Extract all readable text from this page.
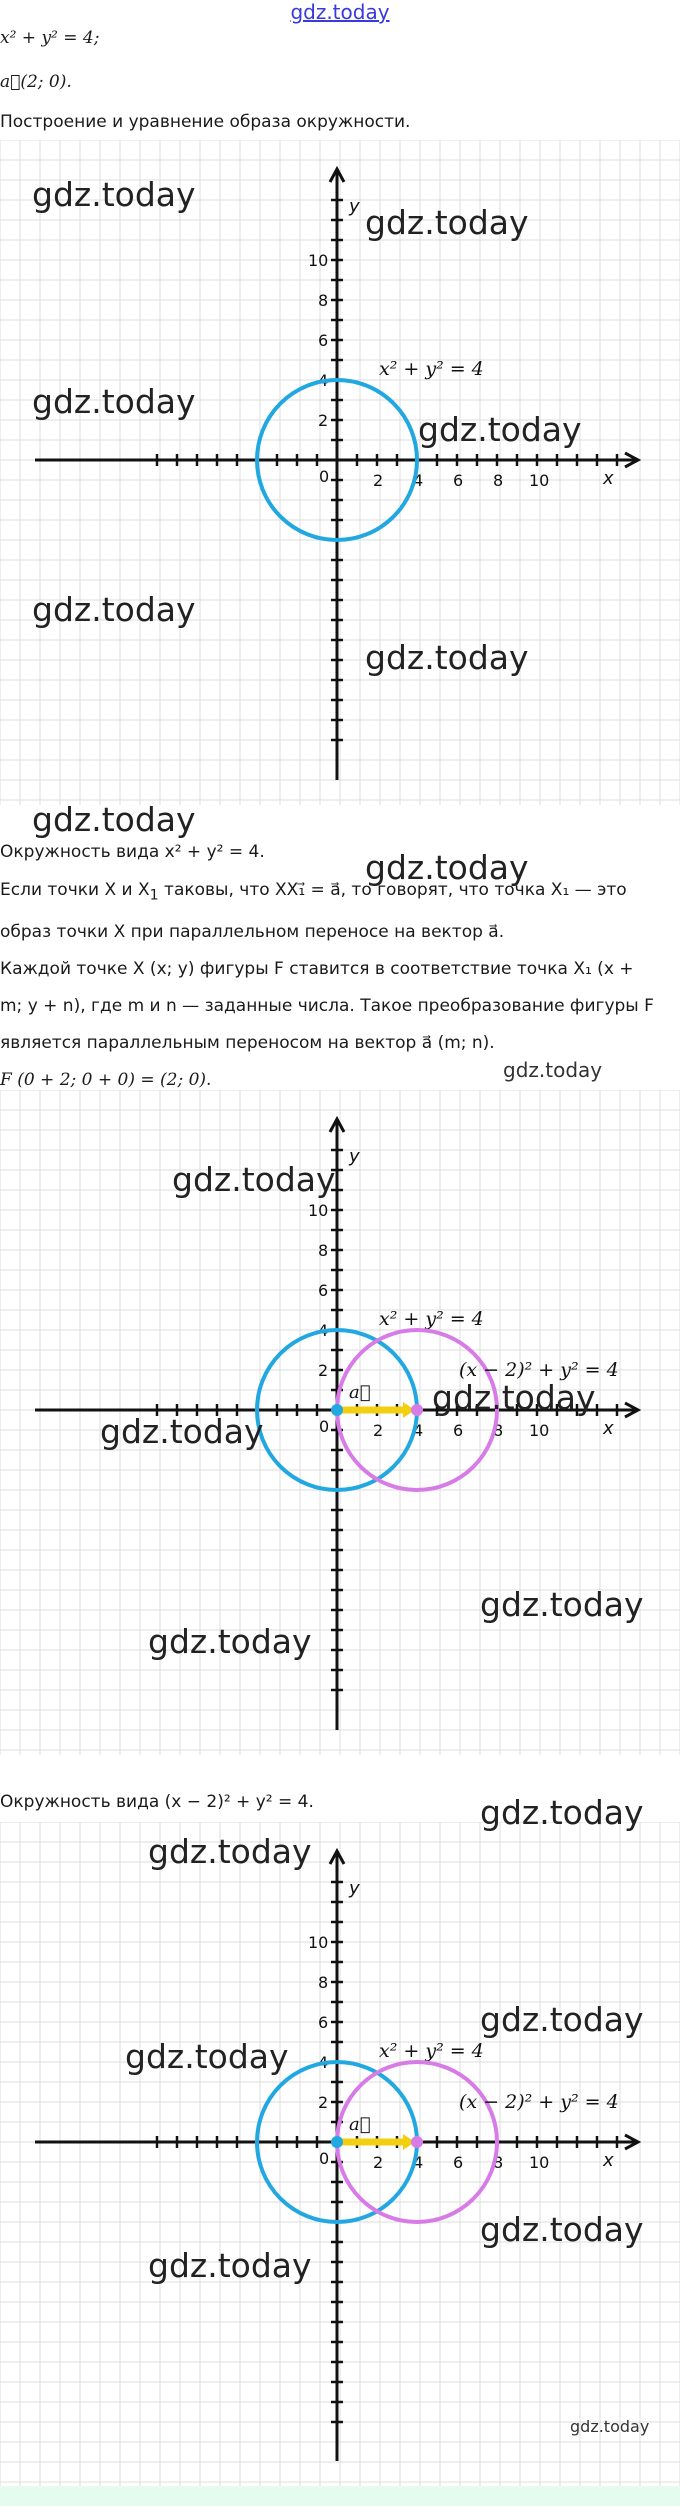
gdz.today
x² + y² = 4;
a⃗(2; 0).
Построение и уравнение образа окружности.
2 4 6 8 10
2
4
6
8
10
0	x
y
x² + y² = 4
Окружность вида x² + y² = 4.
Если точки X и $X_1$ таковы, что XX₁⃗ = a⃗, то говорят, что точка X₁ — это
образ точки X при параллельном переносе на вектор a⃗.
Каждой точке X (x; y) фигуры F ставится в соответствие точка X₁ (x +
m; y + n), где m и n — заданные числа. Такое преобразование фигуры F
является параллельным переносом на вектор a⃗ (m; n).
F (0 + 2; 0 + 0) = (2; 0).
2 4 6 8 10
2
4
6
8
10
0	x
y
x² + y² = 4
(x − 2)² + y² = 4
a⃗
Окружность вида (x − 2)² + y² = 4.
2 4 6 8 10
2
4
6
8
10
0	x
y
x² + y² = 4
(x − 2)² + y² = 4
a⃗
gdz.today
gdz.today
gdz.today
gdz.today
gdz.today
gdz.today
gdz.today
gdz.today
gdz.today
gdz.today
gdz.today
gdz.today
gdz.today
gdz.today
gdz.today
gdz.today
gdz.today
gdz.today
gdz.today
gdz.today
gdz.today
